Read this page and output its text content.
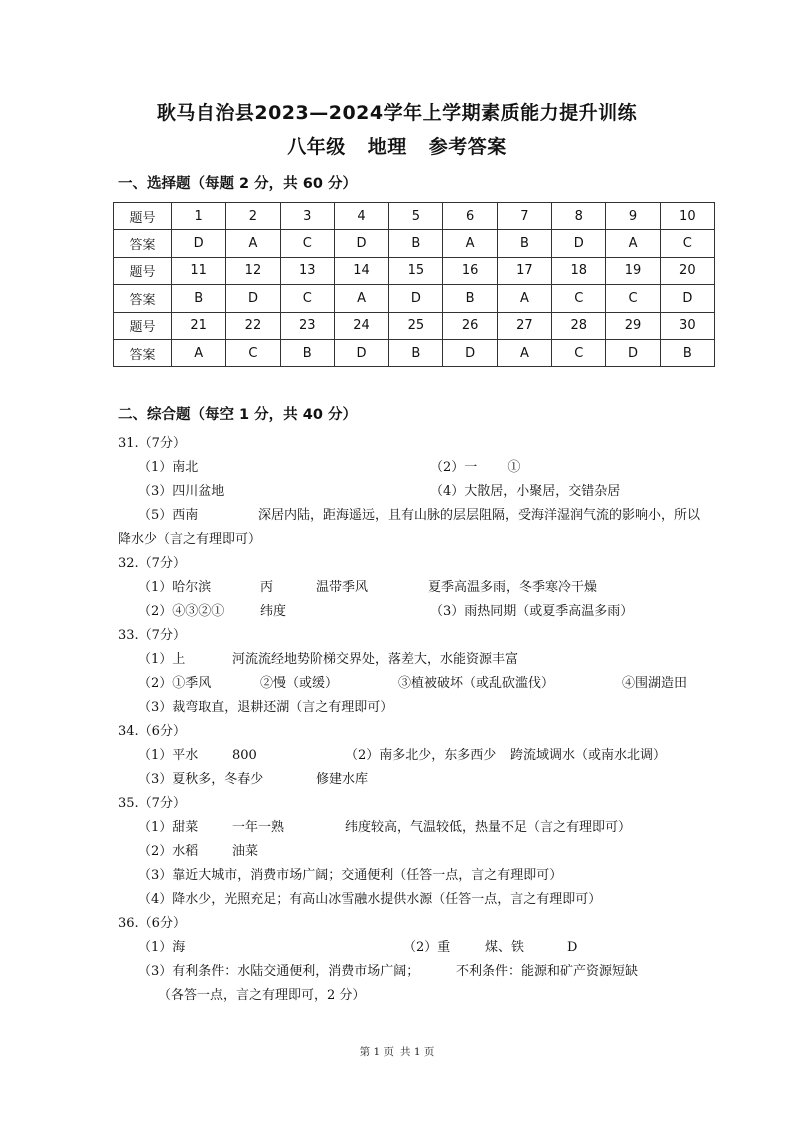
耿马自治县2023—2024学年上学期素质能力提升训练
八年级 地理 参考答案
一、选择题（每题 2 分，共 60 分）
题号	1	2	3	4	5	6	7	8	9	10
答案	D	A	C	D	B	A	B	D	A	C
题号	11	12	13	14	15	16	17	18	19	20
答案	B	D	C	A	D	B	A	C	C	D
题号	21	22	23	24	25	26	27	28	29	30
答案	A	C	B	D	B	D	A	C	D	B
二、综合题（每空 1 分，共 40 分）
31.（7分）
（1）南北	（2）一　　 ①
（3）四川盆地	（4）大散居，小聚居，交错杂居
（5）西南	深居内陆，距海遥远，且有山脉的层层阻隔，受海洋湿润气流的影响小，所以
降水少（言之有理即可）
32.（7分）
（1）哈尔滨	丙	温带季风	夏季高温多雨，冬季寒冷干燥
（2）④③②①	纬度	（3）雨热同期（或夏季高温多雨）
33.（7分）
（1）上	河流流经地势阶梯交界处，落差大，水能资源丰富
（2）①季风	②慢（或缓）	③植被破坏（或乱砍滥伐）	④围湖造田
（3）裁弯取直，退耕还湖（言之有理即可）
34.（6分）
（1）平水	800	（2）南多北少，东多西少 跨流域调水（或南水北调）
（3）夏秋多，冬春少	修建水库
35.（7分）
（1）甜菜	一年一熟	纬度较高，气温较低，热量不足（言之有理即可）
（2）水稻	油菜
（3）靠近大城市，消费市场广阔；交通便利（任答一点，言之有理即可）
（4）降水少，光照充足；有高山冰雪融水提供水源（任答一点，言之有理即可）
36.（6分）
（1）海	（2）重	煤、铁	D
（3）有利条件：水陆交通便利，消费市场广阔；	不利条件：能源和矿产资源短缺
（各答一点，言之有理即可，2 分）
第 1 页 共 1 页
